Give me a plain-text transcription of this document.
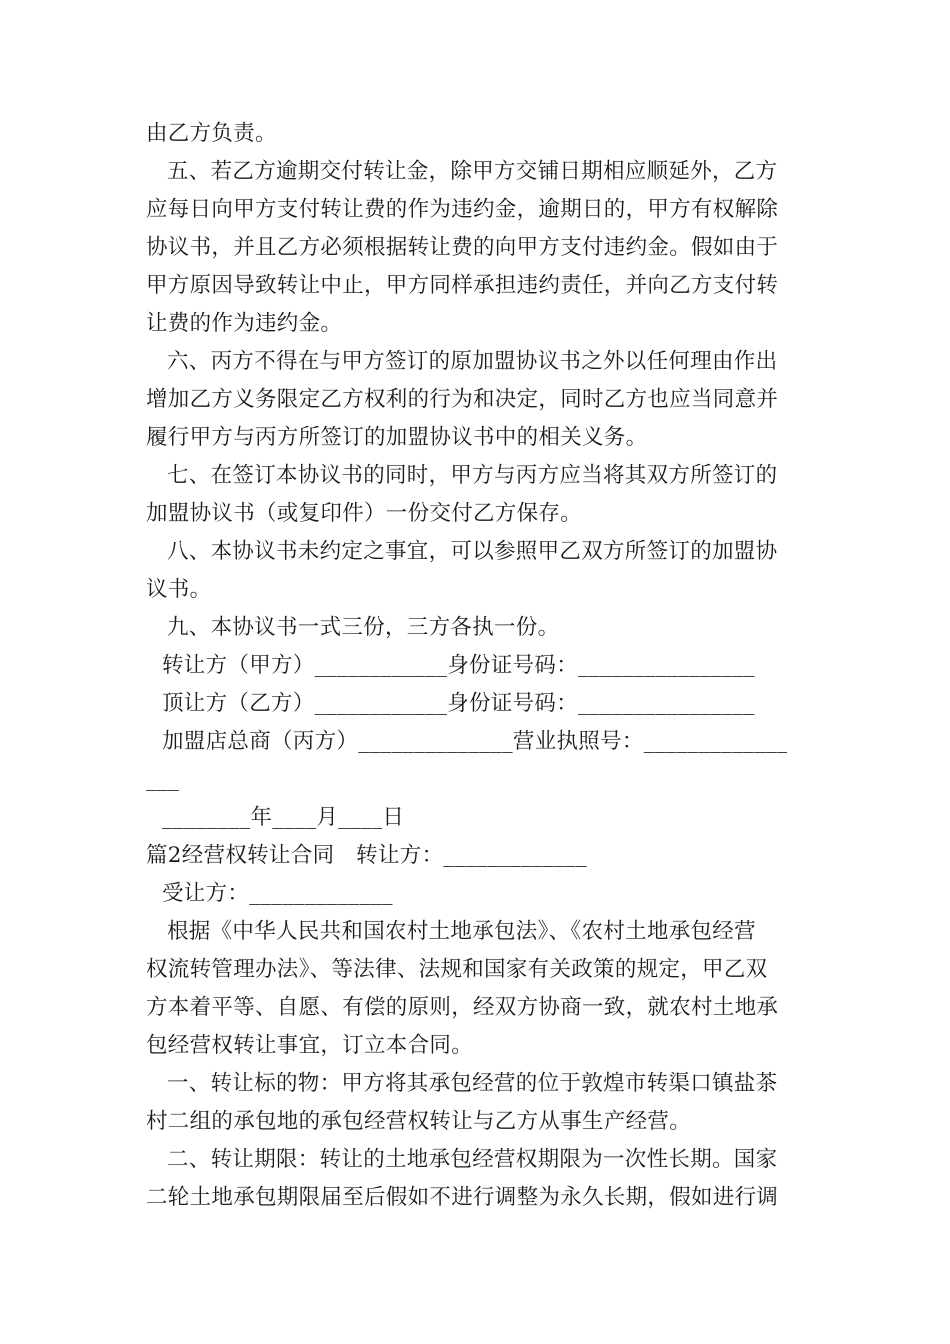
由乙方负责。
五、若乙方逾期交付转让金，除甲方交铺日期相应顺延外，乙方
应每日向甲方支付转让费的作为违约金，逾期日的，甲方有权解除
协议书，并且乙方必须根据转让费的向甲方支付违约金。假如由于
甲方原因导致转让中止，甲方同样承担违约责任，并向乙方支付转
让费的作为违约金。
六、丙方不得在与甲方签订的原加盟协议书之外以任何理由作出
增加乙方义务限定乙方权利的行为和决定，同时乙方也应当同意并
履行甲方与丙方所签订的加盟协议书中的相关义务。
七、在签订本协议书的同时，甲方与丙方应当将其双方所签订的
加盟协议书（或复印件）一份交付乙方保存。
八、本协议书未约定之事宜，可以参照甲乙双方所签订的加盟协
议书。
九、本协议书一式三份，三方各执一份。
转让方（甲方）____________身份证号码：________________
顶让方（乙方）____________身份证号码：________________
加盟店总商（丙方）______________营业执照号：_____________
___
________年____月____日
篇2经营权转让合同　转让方：_____________
受让方：_____________
根据《中华人民共和国农村土地承包法》、《农村土地承包经营
权流转管理办法》、等法律、法规和国家有关政策的规定，甲乙双
方本着平等、自愿、有偿的原则，经双方协商一致，就农村土地承
包经营权转让事宜，订立本合同。
一、转让标的物：甲方将其承包经营的位于敦煌市转渠口镇盐茶
村二组的承包地的承包经营权转让与乙方从事生产经营。
二、转让期限：转让的土地承包经营权期限为一次性长期。国家
二轮土地承包期限届至后假如不进行调整为永久长期，假如进行调
